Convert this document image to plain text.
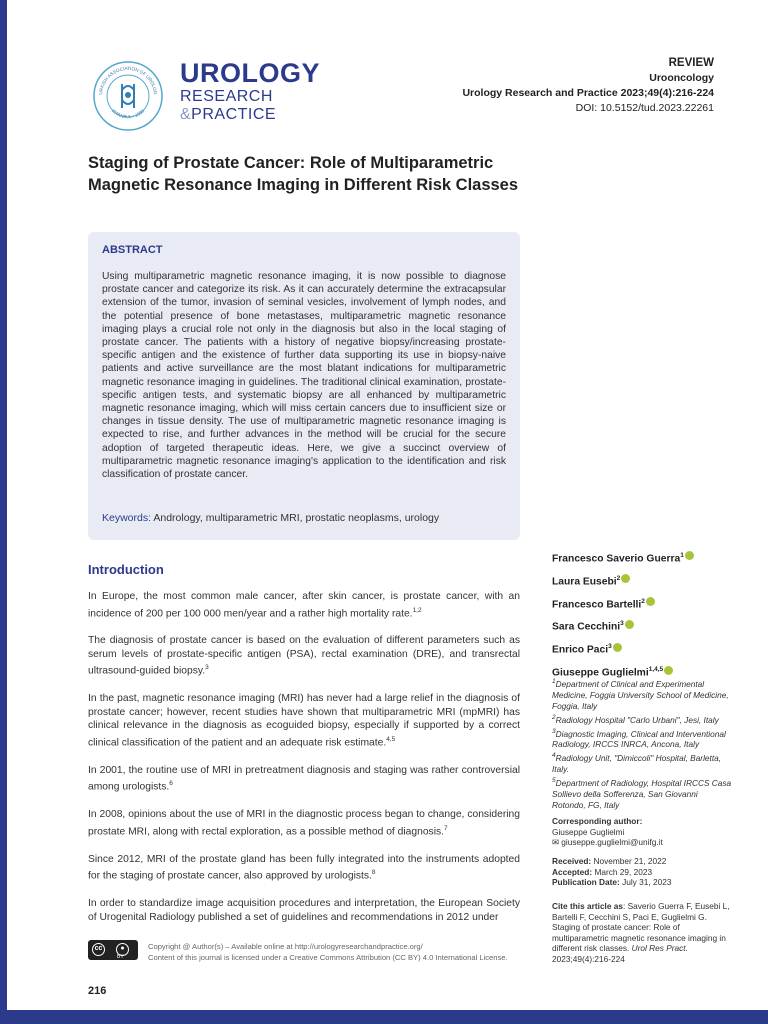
URKISH ASSOCIATION OF UROLOG
ISTANBUL • 1933
UROLOGY
RESEARCH
&PRACTICE
REVIEW
Urooncology
Urology Research and Practice 2023;49(4):216-224
DOI: 10.5152/tud.2023.22261
Staging of Prostate Cancer: Role of Multiparametric Magnetic Resonance Imaging in Different Risk Classes
ABSTRACT
Using multiparametric magnetic resonance imaging, it is now possible to diagnose prostate cancer and categorize its risk. As it can accurately determine the extracapsular extension of the tumor, invasion of seminal vesicles, involvement of lymph nodes, and the potential presence of bone metastases, multiparametric magnetic resonance imaging plays a crucial role not only in the diagnosis but also in the local staging of prostate cancer. The patients with a history of negative biopsy/increasing prostate-specific antigen and the existence of further data supporting its use in biopsy-naive patients and active surveillance are the most blatant indications for multiparametric magnetic resonance imaging in guidelines. The traditional clinical examination, prostate-specific antigen tests, and systematic biopsy are all enhanced by multiparametric magnetic resonance imaging, which will miss certain cancers due to insufficient size or changes in tissue density. The use of multiparametric magnetic resonance imaging is expected to rise, and further advances in the method will be crucial for the secure adoption of targeted therapeutic ideas. Here, we give a succinct overview of multiparametric magnetic resonance imaging's application to the identification and risk classification of prostate cancer.
Keywords: Andrology, multiparametric MRI, prostatic neoplasms, urology
Introduction

In Europe, the most common male cancer, after skin cancer, is prostate cancer, with an incidence of 200 per 100 000 men/year and a rather high mortality rate.$^{1,2}$

The diagnosis of prostate cancer is based on the evaluation of different parameters such as serum levels of prostate-specific antigen (PSA), rectal examination (DRE), and transrectal ultrasound-guided biopsy.$^3$

In the past, magnetic resonance imaging (MRI) has never had a large relief in the diagnosis of prostate cancer; however, recent studies have shown that multiparametric MRI (mpMRI) has clinical relevance in the diagnosis as ecoguided biopsy, especially if supported by a correct clinical classification of the patient and an adequate risk estimate.$^{4,5}$

In 2001, the routine use of MRI in pretreatment diagnosis and staging was rather controversial among urologists.$^6$

In 2008, opinions about the use of MRI in the diagnostic process began to change, considering prostate MRI, along with rectal exploration, as a possible method of diagnosis.$^7$

Since 2012, MRI of the prostate gland has been fully integrated into the instruments adopted for the staging of prostate cancer, also approved by urologists.$^8$

In order to standardize image acquisition procedures and interpretation, the European Society of Urogenital Radiology published a set of guidelines and recommendations in 2012 under

Francesco Saverio Guerra$^1$
Laura Eusebi$^2$
Francesco Bartelli$^2$
Sara Cecchini$^3$
Enrico Paci$^3$
Giuseppe Guglielmi$^{1,4,5}$
$^1$Department of Clinical and Experimental Medicine, Foggia University School of Medicine, Foggia, Italy
$^2$Radiology Hospital "Carlo Urbani", Jesi, Italy
$^3$Diagnostic Imaging, Clinical and Interventional Radiology, IRCCS INRCA, Ancona, Italy
$^4$Radiology Unit, "Dimiccoli" Hospital, Barletta, Italy.
$^5$Department of Radiology, Hospital IRCCS Casa Sollievo della Sofferenza, San Giovanni Rotondo, FG, Italy
Corresponding author:
Giuseppe Guglielmi
✉ giuseppe.guglielmi@unifg.it
Received: November 21, 2022
Accepted: March 29, 2023
Publication Date: July 31, 2023
Cite this article as: Saverio Guerra F, Eusebi L, Bartelli F, Cecchini S, Paci E, Guglielmi G. Staging of prostate cancer: Role of multiparametric magnetic resonance imaging in different risk classes. Urol Res Pract. 2023;49(4):216-224
cc	●
BY
Copyright @ Author(s) – Available online at http://urologyresearchandpractice.org/
Content of this journal is licensed under a Creative Commons Attribution (CC BY) 4.0 International License.
216
